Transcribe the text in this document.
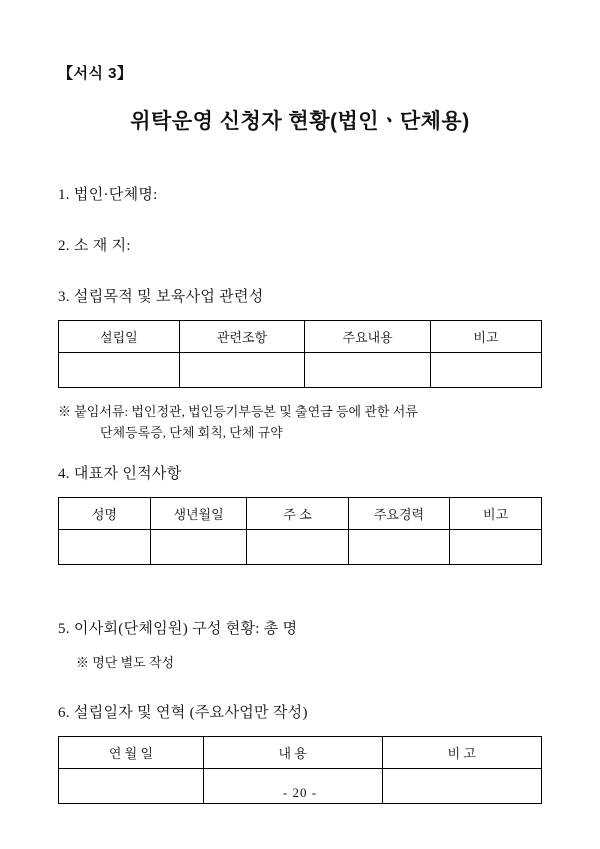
【서식 3】
위탁운영 신청자 현황(법인ㆍ단체용)
1. 법인·단체명:
2. 소 재 지:
3. 설립목적 및 보육사업 관련성
설립일	관련조항	주요내용	비고

※ 붙임서류: 법인정관, 법인등기부등본 및 출연금 등에 관한 서류
단체등록증, 단체 회칙, 단체 규약
4. 대표자 인적사항
성명	생년월일	주 소	주요경력	비고

5. 이사회(단체임원) 구성 현황: 총 명
※ 명단 별도 작성
6. 설립일자 및 연혁 (주요사업만 작성)
연 월 일	내 용	비 고

- 20 -
